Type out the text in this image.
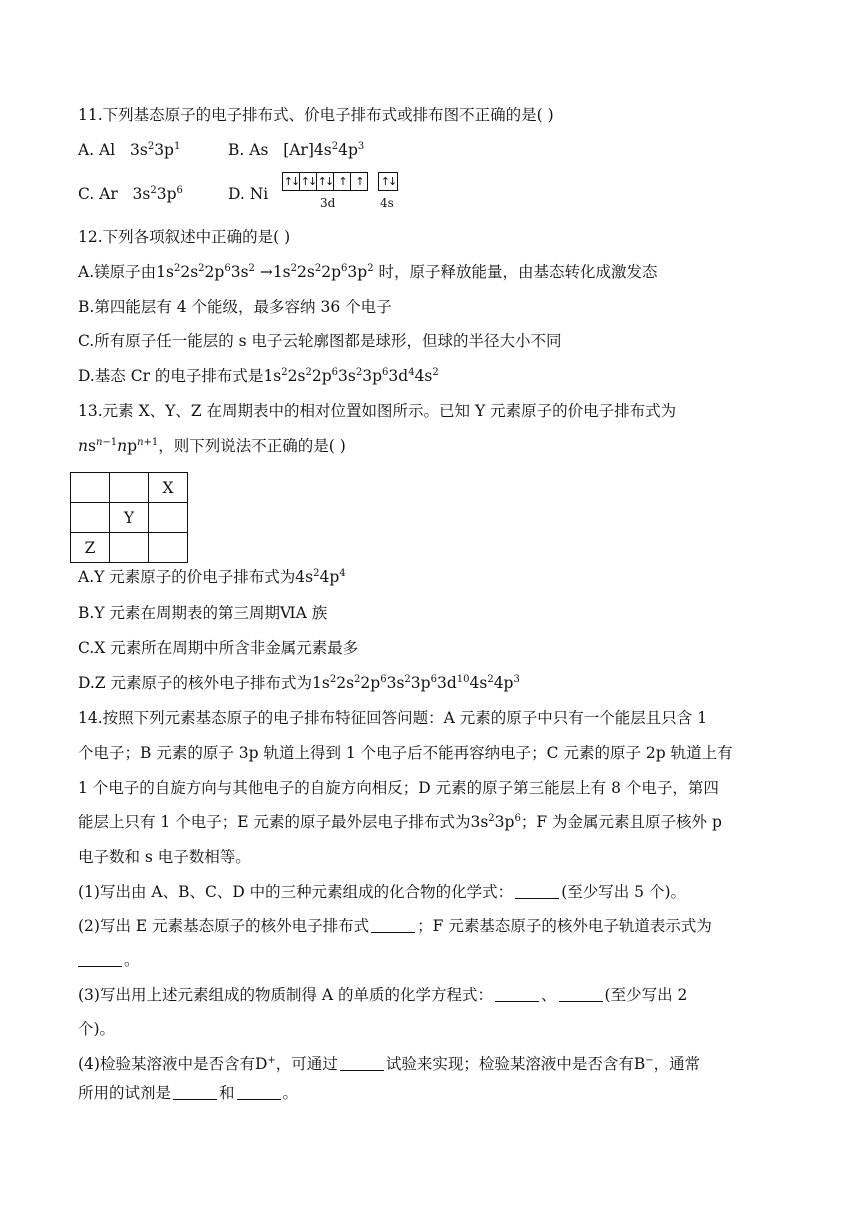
11.下列基态原子的电子排布式、价电子排布式或排布图不正确的是( )
A. Al $3s^23p^1$	B. As $[Ar]4s^24p^3$
C. Ar $3s^23p^6$	D. Ni
↑↓ ↑↓ ↑↓ ↑ ↑	↑↓
3d	4s
12.下列各项叙述中正确的是( )
A.镁原子由$1s^22s^22p^63s^2 \to 1s^22s^22p^63p^2$ 时，原子释放能量，由基态转化成激发态
B.第四能层有 4 个能级，最多容纳 36 个电子
C.所有原子任一能层的 s 电子云轮廓图都是球形，但球的半径大小不同
D.基态 Cr 的电子排布式是$1s^22s^22p^63s^23p^63d^44s^2$
13.元素 X、Y、Z 在周期表中的相对位置如图所示。已知 Y 元素原子的价电子排布式为
$ns^{n-1}np^{n+1}$，则下列说法不正确的是( )
		X
	Y	
Z		
A.Y 元素原子的价电子排布式为$4s^24p^4$
B.Y 元素在周期表的第三周期ⅥA 族
C.X 元素所在周期中所含非金属元素最多
D.Z 元素原子的核外电子排布式为$1s^22s^22p^63s^23p^63d^{10}4s^24p^3$
14.按照下列元素基态原子的电子排布特征回答问题：A 元素的原子中只有一个能层且只含 1
个电子；B 元素的原子 3p 轨道上得到 1 个电子后不能再容纳电子；C 元素的原子 2p 轨道上有
1 个电子的自旋方向与其他电子的自旋方向相反；D 元素的原子第三能层上有 8 个电子，第四
能层上只有 1 个电子；E 元素的原子最外层电子排布式为$3s^23p^6$；F 为金属元素且原子核外 p
电子数和 s 电子数相等。
(1)写出由 A、B、C、D 中的三种元素组成的化合物的化学式：	(至少写出 5 个)。
(2)写出 E 元素基态原子的核外电子排布式	；F 元素基态原子的核外电子轨道表示式为
。
(3)写出用上述元素组成的物质制得 A 的单质的化学方程式：	、	(至少写出 2
个)。
(4)检验某溶液中是否含有D+，可通过	试验来实现；检验某溶液中是否含有B−，通常
所用的试剂是	和	。
